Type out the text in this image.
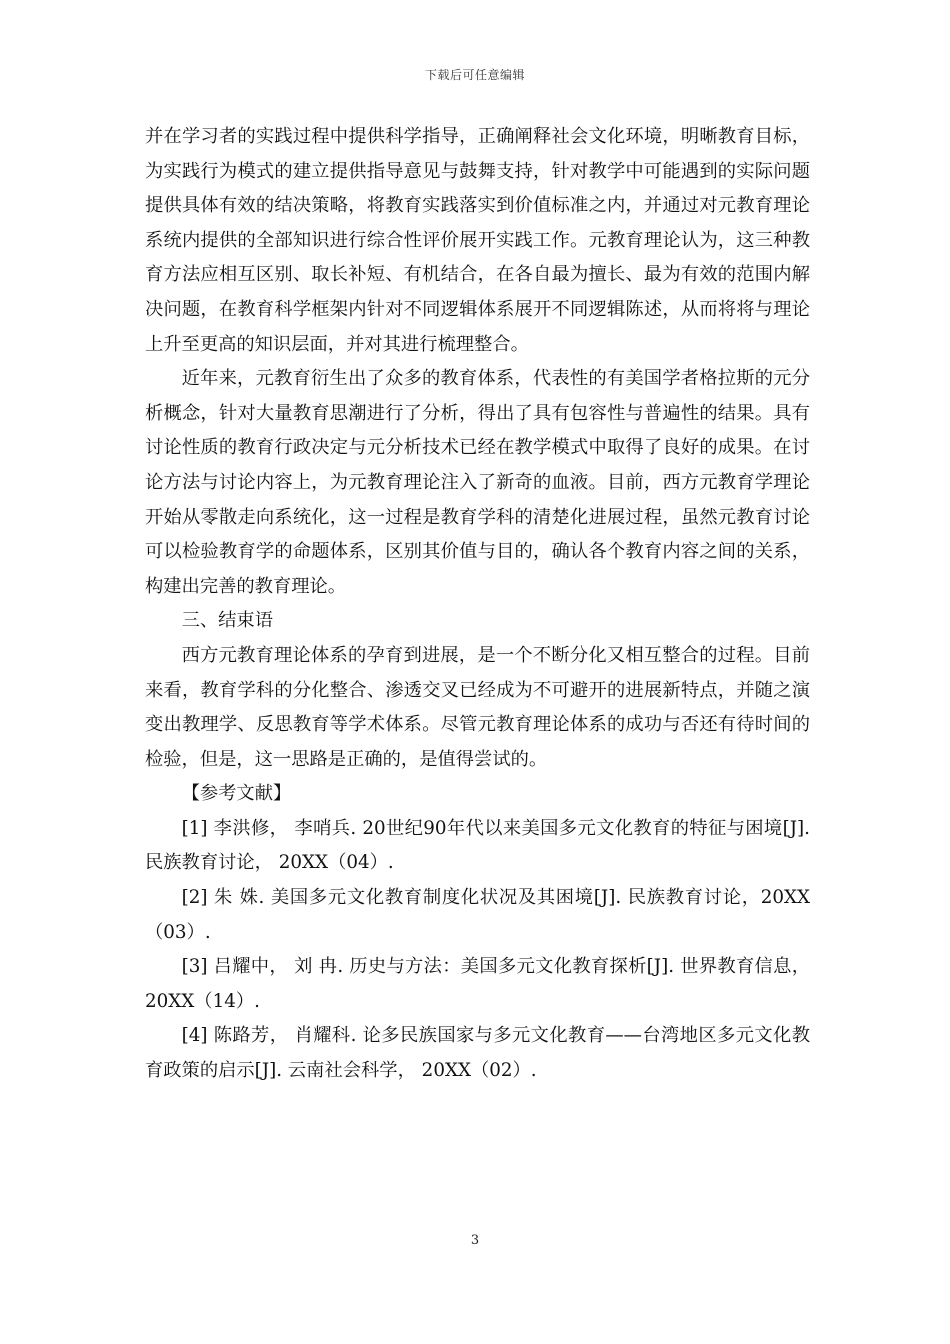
下载后可任意编辑

并在学习者的实践过程中提供科学指导，正确阐释社会文化环境，明晰教育目标，为实践行为模式的建立提供指导意见与鼓舞支持，针对教学中可能遇到的实际问题提供具体有效的结决策略，将教育实践落实到价值标准之内，并通过对元教育理论系统内提供的全部知识进行综合性评价展开实践工作。元教育理论认为，这三种教育方法应相互区别、取长补短、有机结合，在各自最为擅长、最为有效的范围内解决问题，在教育科学框架内针对不同逻辑体系展开不同逻辑陈述，从而将将与理论上升至更高的知识层面，并对其进行梳理整合。

近年来，元教育衍生出了众多的教育体系，代表性的有美国学者格拉斯的元分析概念，针对大量教育思潮进行了分析，得出了具有包容性与普遍性的结果。具有讨论性质的教育行政决定与元分析技术已经在教学模式中取得了良好的成果。在讨论方法与讨论内容上，为元教育理论注入了新奇的血液。目前，西方元教育学理论开始从零散走向系统化，这一过程是教育学科的清楚化进展过程，虽然元教育讨论可以检验教育学的命题体系，区别其价值与目的，确认各个教育内容之间的关系，构建出完善的教育理论。

三、结束语

西方元教育理论体系的孕育到进展，是一个不断分化又相互整合的过程。目前来看，教育学科的分化整合、渗透交叉已经成为不可避开的进展新特点，并随之演变出教理学、反思教育等学术体系。尽管元教育理论体系的成功与否还有待时间的检验，但是，这一思路是正确的，是值得尝试的。

【参考文献】

[1] 李洪修， 李哨兵. 20世纪90年代以来美国多元文化教育的特征与困境[J]. 民族教育讨论， 20XX（04）.

[2] 朱 姝. 美国多元文化教育制度化状况及其困境[J]. 民族教育讨论，20XX（03）.

[3] 吕耀中， 刘 冉. 历史与方法：美国多元文化教育探析[J]. 世界教育信息， 20XX（14）.

[4] 陈路芳， 肖耀科. 论多民族国家与多元文化教育——台湾地区多元文化教育政策的启示[J]. 云南社会科学， 20XX（02）.

3
